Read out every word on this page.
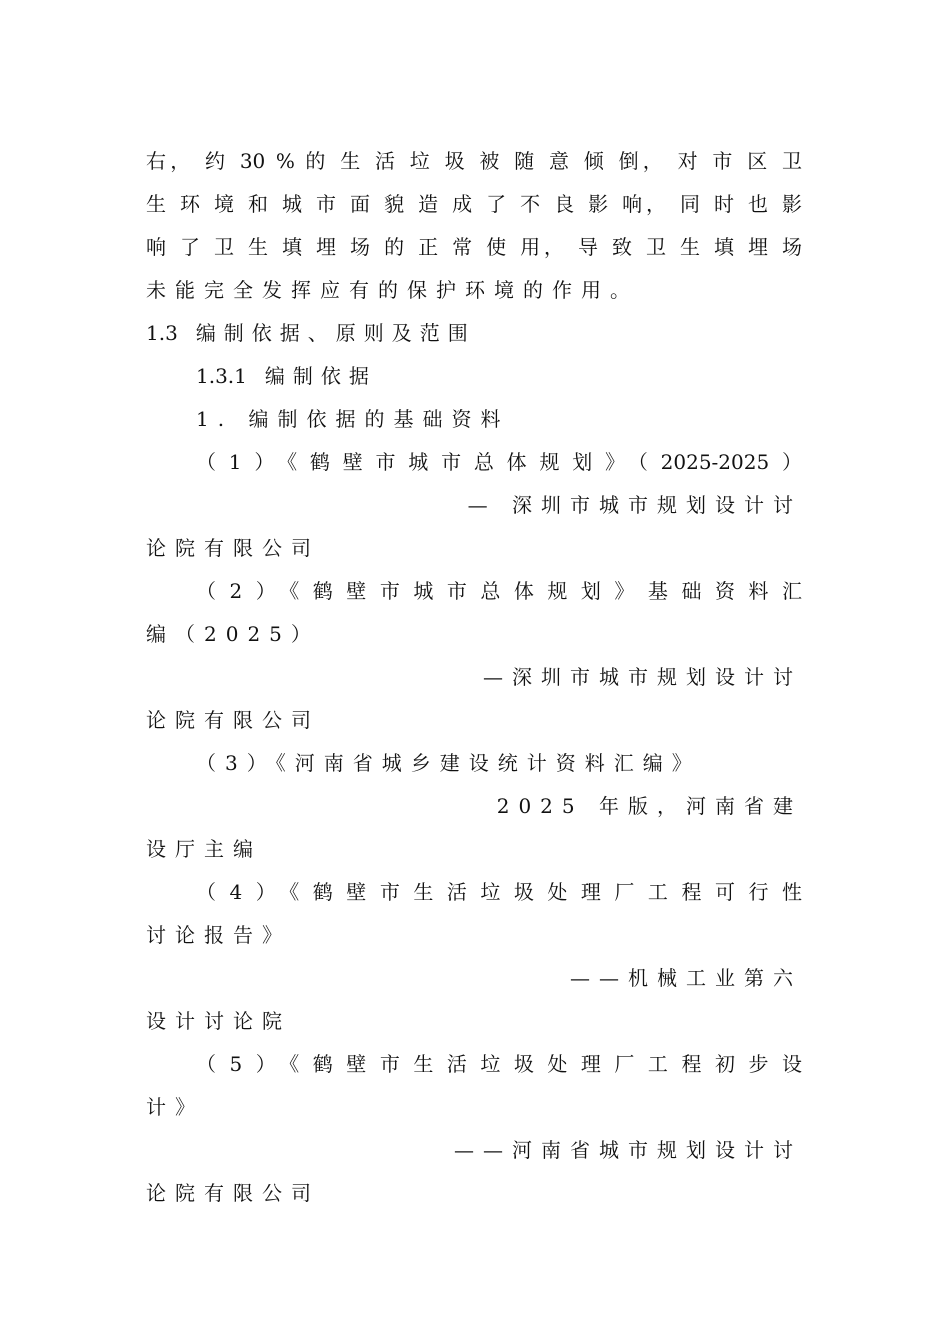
右， 约 30 % 的 生 活 垃 圾 被 随 意 倾 倒， 对 市 区 卫
生 环 境 和 城 市 面 貌 造 成 了 不 良 影 响， 同 时 也 影
响 了 卫 生 填 埋 场 的 正 常 使 用， 导 致 卫 生 填 埋 场
未能完全发挥应有的保护环境的作用。
1.3 编制依据、原则及范围
1.3.1 编制依据
1. 编制依据的基础资料
（1）《鹤壁市城市总体规划》（2025-2025）
— 深圳市城市规划设计讨
论院有限公司
（2）《鹤壁市城市总体规划》基础资料汇
编（2025）
—深圳市城市规划设计讨
论院有限公司
（3）《河南省城乡建设统计资料汇编》
2025 年版，河南省建
设厅主编
（4）《鹤壁市生活垃圾处理厂工程可行性
讨论报告》
——机械工业第六
设计讨论院
（5）《鹤壁市生活垃圾处理厂工程初步设
计》
——河南省城市规划设计讨
论院有限公司
